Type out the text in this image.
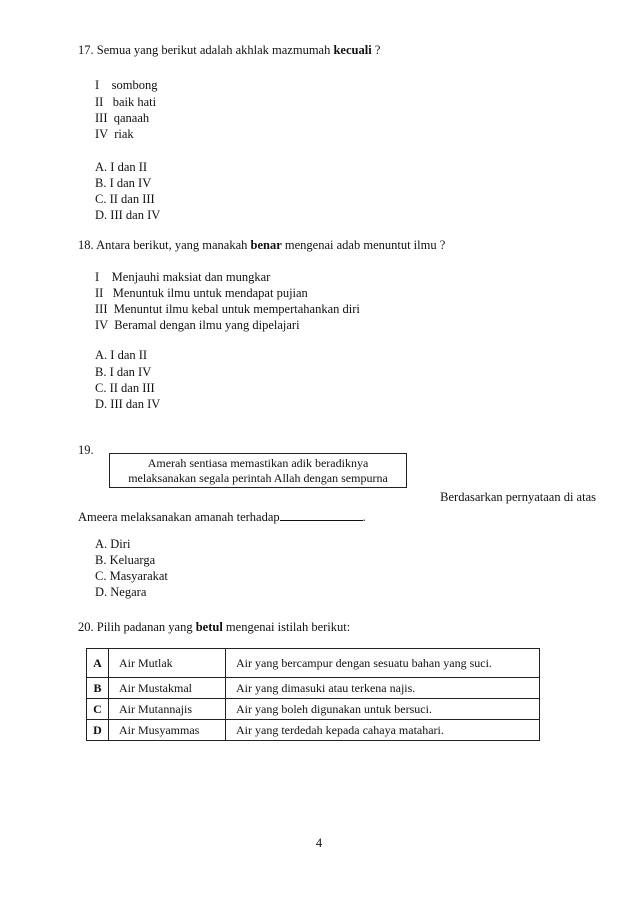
17. Semua yang berikut adalah akhlak mazmumah kecuali ?
I    sombong
II   baik hati
III  qanaah
IV  riak
A. I dan II
B. I dan IV
C. II dan III
D. III dan IV
18. Antara berikut, yang manakah benar mengenai adab menuntut ilmu ?
I    Menjauhi maksiat dan mungkar
II   Menuntuk ilmu untuk mendapat pujian
III  Menuntut ilmu kebal untuk mempertahankan diri
IV  Beramal dengan ilmu yang dipelajari
A. I dan II
B. I dan IV
C. II dan III
D. III dan IV
19.
Amerah sentiasa memastikan adik beradiknya
melaksanakan segala perintah Allah dengan sempurna
Berdasarkan pernyataan di atas
Ameera melaksanakan amanah terhadap	.
A. Diri
B. Keluarga
C. Masyarakat
D. Negara
20. Pilih padanan yang betul mengenai istilah berikut:
A	Air Mutlak	Air yang bercampur dengan sesuatu bahan yang suci.
B	Air Mustakmal	Air yang dimasuki atau terkena najis.
C	Air Mutannajis	Air yang boleh digunakan untuk bersuci.
D	Air Musyammas	Air yang terdedah kepada cahaya matahari.
4
